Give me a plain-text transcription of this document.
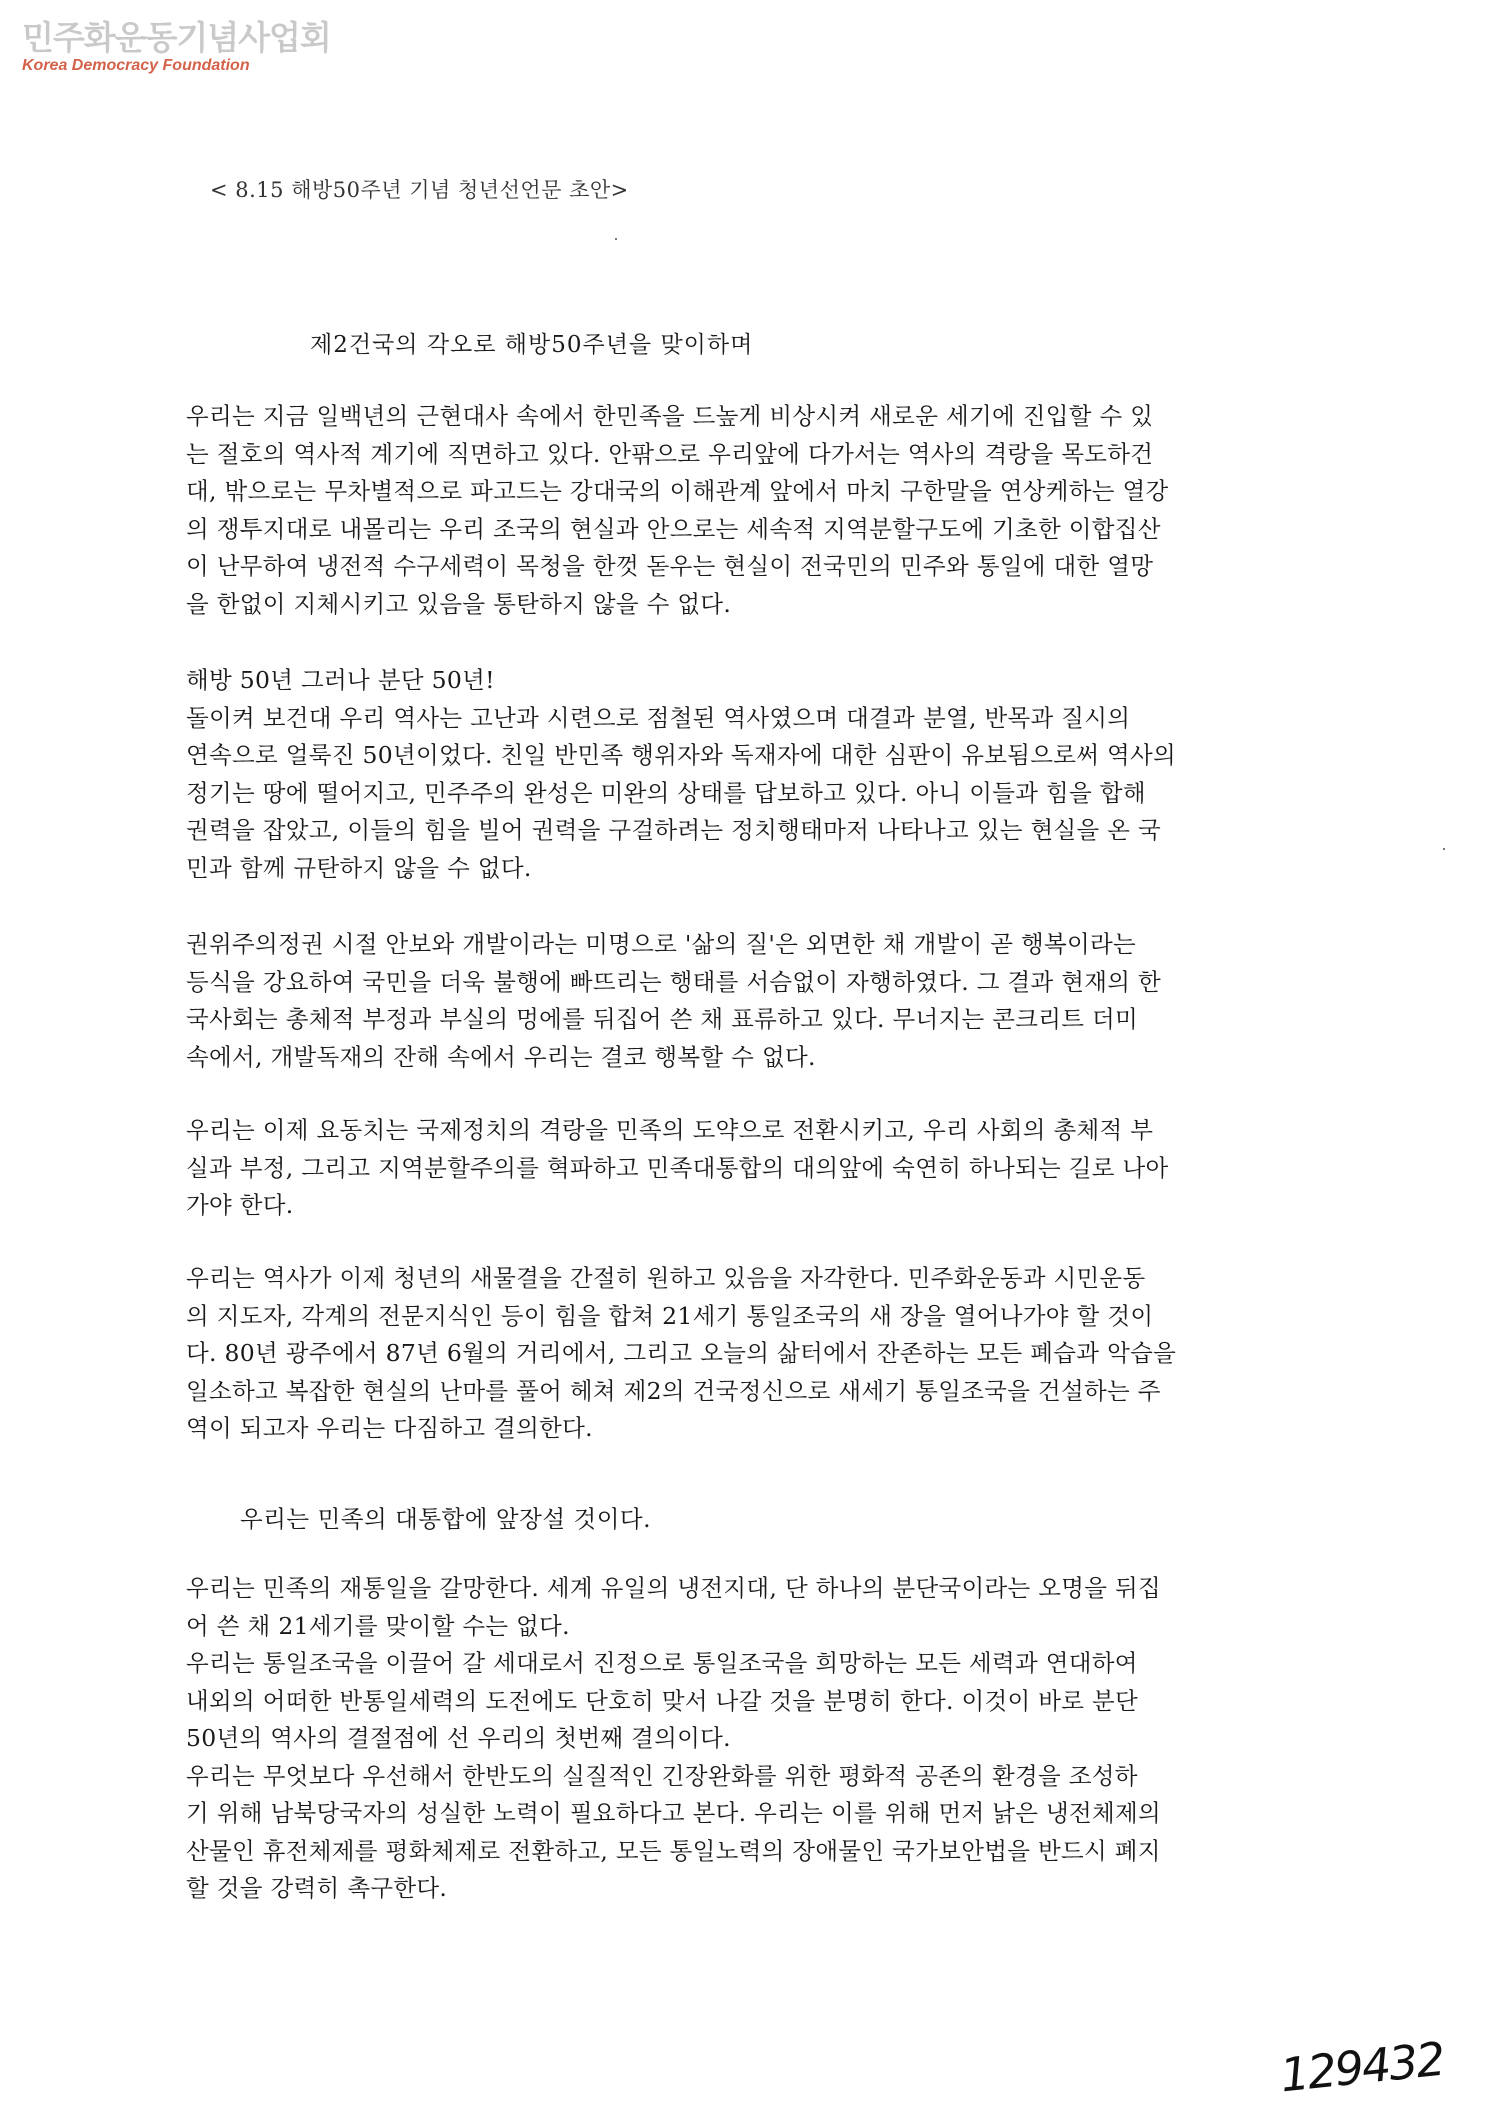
민주화운동기념사업회
Korea Democracy Foundation
< 8.15 해방50주년 기념 청년선언문 초안>
제2건국의 각오로 해방50주년을 맞이하며
우리는 지금 일백년의 근현대사 속에서 한민족을 드높게 비상시켜 새로운 세기에 진입할 수 있
는 절호의 역사적 계기에 직면하고 있다. 안팎으로 우리앞에 다가서는 역사의 격랑을 목도하건
대, 밖으로는 무차별적으로 파고드는 강대국의 이해관계 앞에서 마치 구한말을 연상케하는 열강
의 쟁투지대로 내몰리는 우리 조국의 현실과 안으로는 세속적 지역분할구도에 기초한 이합집산
이 난무하여 냉전적 수구세력이 목청을 한껏 돋우는 현실이 전국민의 민주와 통일에 대한 열망
을 한없이 지체시키고 있음을 통탄하지 않을 수 없다.
해방 50년 그러나 분단 50년!
돌이켜 보건대 우리 역사는 고난과 시련으로 점철된 역사였으며 대결과 분열, 반목과 질시의
연속으로 얼룩진 50년이었다. 친일 반민족 행위자와 독재자에 대한 심판이 유보됨으로써 역사의
정기는 땅에 떨어지고, 민주주의 완성은 미완의 상태를 답보하고 있다. 아니 이들과 힘을 합해
권력을 잡았고, 이들의 힘을 빌어 권력을 구걸하려는 정치행태마저 나타나고 있는 현실을 온 국
민과 함께 규탄하지 않을 수 없다.
권위주의정권 시절 안보와 개발이라는 미명으로 '삶의 질'은 외면한 채 개발이 곧 행복이라는
등식을 강요하여 국민을 더욱 불행에 빠뜨리는 행태를 서슴없이 자행하였다. 그 결과 현재의 한
국사회는 총체적 부정과 부실의 멍에를 뒤집어 쓴 채 표류하고 있다. 무너지는 콘크리트 더미
속에서, 개발독재의 잔해 속에서 우리는 결코 행복할 수 없다.
우리는 이제 요동치는 국제정치의 격랑을 민족의 도약으로 전환시키고, 우리 사회의 총체적 부
실과 부정, 그리고 지역분할주의를 혁파하고 민족대통합의 대의앞에 숙연히 하나되는 길로 나아
가야 한다.
우리는 역사가 이제 청년의 새물결을 간절히 원하고 있음을 자각한다. 민주화운동과 시민운동
의 지도자, 각계의 전문지식인 등이 힘을 합쳐 21세기 통일조국의 새 장을 열어나가야 할 것이
다. 80년 광주에서 87년 6월의 거리에서, 그리고 오늘의 삶터에서 잔존하는 모든 폐습과 악습을
일소하고 복잡한 현실의 난마를 풀어 헤쳐 제2의 건국정신으로 새세기 통일조국을 건설하는 주
역이 되고자 우리는 다짐하고 결의한다.
우리는 민족의 대통합에 앞장설 것이다.
우리는 민족의 재통일을 갈망한다. 세계 유일의 냉전지대, 단 하나의 분단국이라는 오명을 뒤집
어 쓴 채 21세기를 맞이할 수는 없다.
우리는 통일조국을 이끌어 갈 세대로서 진정으로 통일조국을 희망하는 모든 세력과 연대하여
내외의 어떠한 반통일세력의 도전에도 단호히 맞서 나갈 것을 분명히 한다. 이것이 바로 분단
50년의 역사의 결절점에 선 우리의 첫번째 결의이다.
우리는 무엇보다 우선해서 한반도의 실질적인 긴장완화를 위한 평화적 공존의 환경을 조성하
기 위해 남북당국자의 성실한 노력이 필요하다고 본다. 우리는 이를 위해 먼저 낡은 냉전체제의
산물인 휴전체제를 평화체제로 전환하고, 모든 통일노력의 장애물인 국가보안법을 반드시 폐지
할 것을 강력히 촉구한다.
129432
